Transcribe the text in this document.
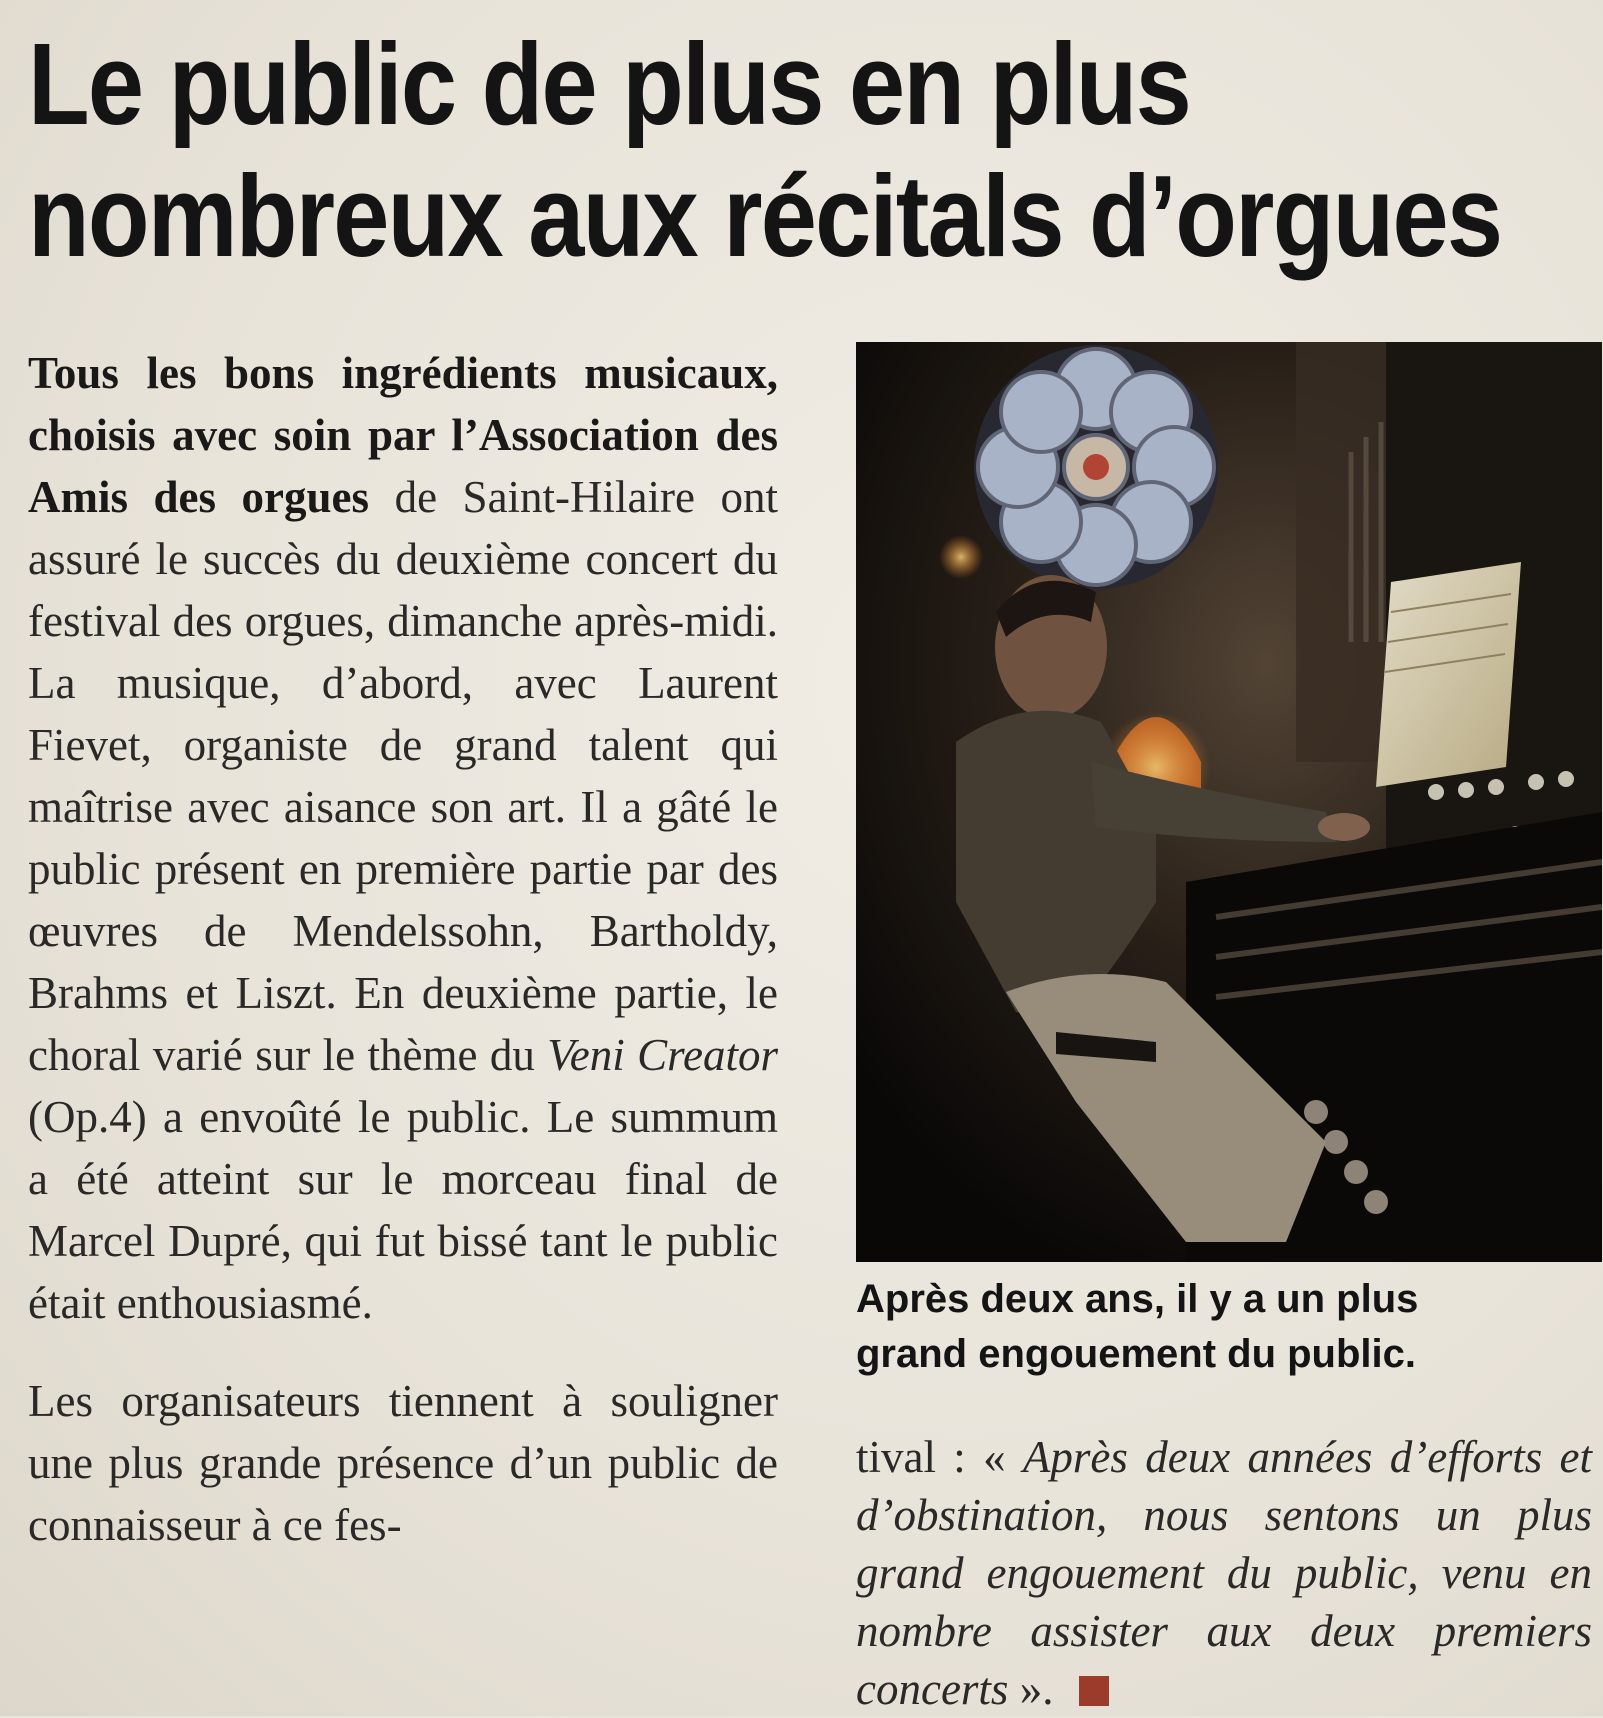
Le public de plus en plus
nombreux aux récitals d’orgues

Tous les bons ingrédients musicaux, choisis avec soin par l’Association des Amis des orgues de Saint-Hilaire ont assuré le succès du deuxième concert du festival des orgues, dimanche après-midi. La musique, d’abord, avec Laurent Fievet, organiste de grand talent qui maîtrise avec aisance son art. Il a gâté le public présent en première partie par des œuvres de Mendelssohn, Bartholdy, Brahms et Liszt. En deuxième partie, le choral varié sur le thème du Veni Creator (Op.4) a envoûté le public. Le summum a été atteint sur le morceau final de Marcel Dupré, qui fut bissé tant le public était enthousiasmé.

Les organisateurs tiennent à souligner une plus grande présence d’un public de connaisseur à ce fes-

Après deux ans, il y a un plus
grand engouement du public.

tival : « Après deux années d’efforts et d’obstination, nous sentons un plus grand engouement du public, venu en nombre assister aux deux premiers concerts ».
